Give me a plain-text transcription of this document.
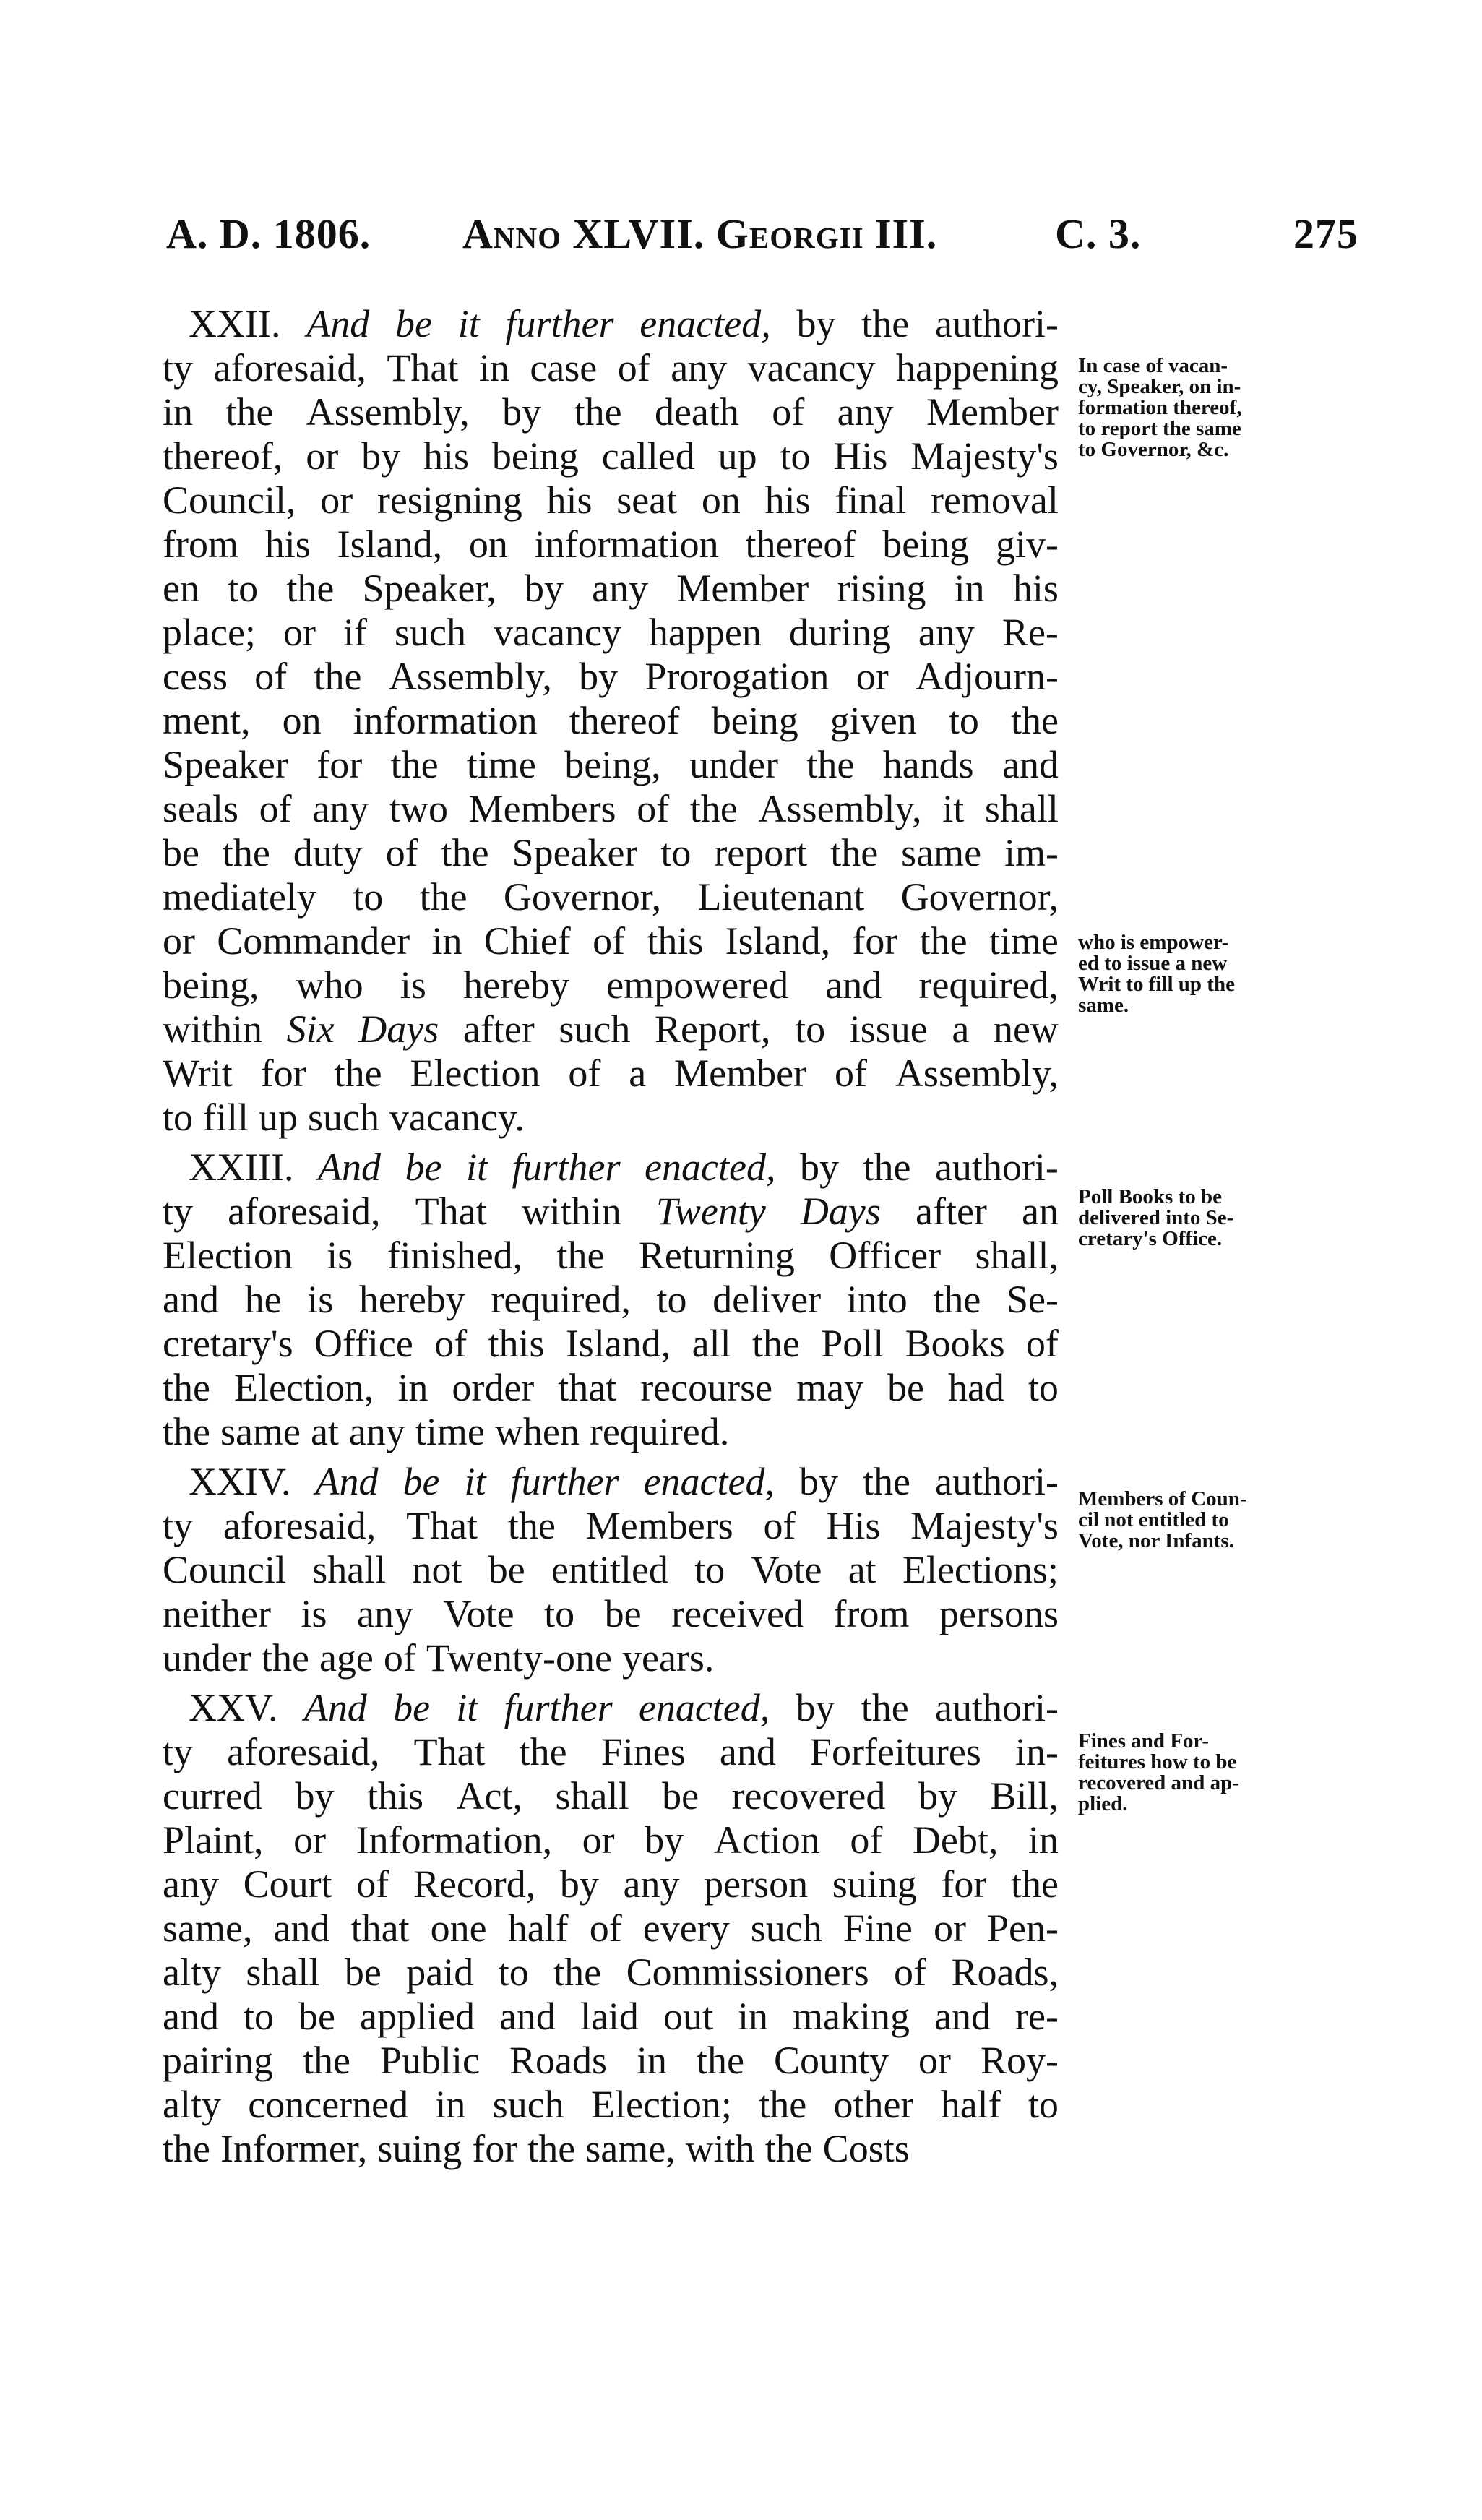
A. D. 1806. Anno XLVII. Georgii III.	C. 3.	275
XXII. And be it further enacted, by the authori-
ty aforesaid, That in case of any vacancy happening
in the Assembly, by the death of any Member
thereof, or by his being called up to His Majesty's
Council, or resigning his seat on his final removal
from his Island, on information thereof being giv-
en to the Speaker, by any Member rising in his
place; or if such vacancy happen during any Re-
cess of the Assembly, by Prorogation or Adjourn-
ment, on information thereof being given to the
Speaker for the time being, under the hands and
seals of any two Members of the Assembly, it shall
be the duty of the Speaker to report the same im-
mediately to the Governor, Lieutenant Governor,
or Commander in Chief of this Island, for the time
being, who is hereby empowered and required,
within Six Days after such Report, to issue a new
Writ for the Election of a Member of Assembly,
to fill up such vacancy.
XXIII. And be it further enacted, by the authori-
ty aforesaid, That within Twenty Days after an
Election is finished, the Returning Officer shall,
and he is hereby required, to deliver into the Se-
cretary's Office of this Island, all the Poll Books of
the Election, in order that recourse may be had to
the same at any time when required.
XXIV. And be it further enacted, by the authori-
ty aforesaid, That the Members of His Majesty's
Council shall not be entitled to Vote at Elections;
neither is any Vote to be received from persons
under the age of Twenty-one years.
XXV. And be it further enacted, by the authori-
ty aforesaid, That the Fines and Forfeitures in-
curred by this Act, shall be recovered by Bill,
Plaint, or Information, or by Action of Debt, in
any Court of Record, by any person suing for the
same, and that one half of every such Fine or Pen-
alty shall be paid to the Commissioners of Roads,
and to be applied and laid out in making and re-
pairing the Public Roads in the County or Roy-
alty concerned in such Election; the other half to
the Informer, suing for the same, with the Costs
In case of vacan-
cy, Speaker, on in-
formation thereof,
to report the same
to Governor, &c.
who is empower-
ed to issue a new
Writ to fill up the
same.
Poll Books to be
delivered into Se-
cretary's Office.
Members of Coun-
cil not entitled to
Vote, nor Infants.
Fines and For-
feitures how to be
recovered and ap-
plied.
